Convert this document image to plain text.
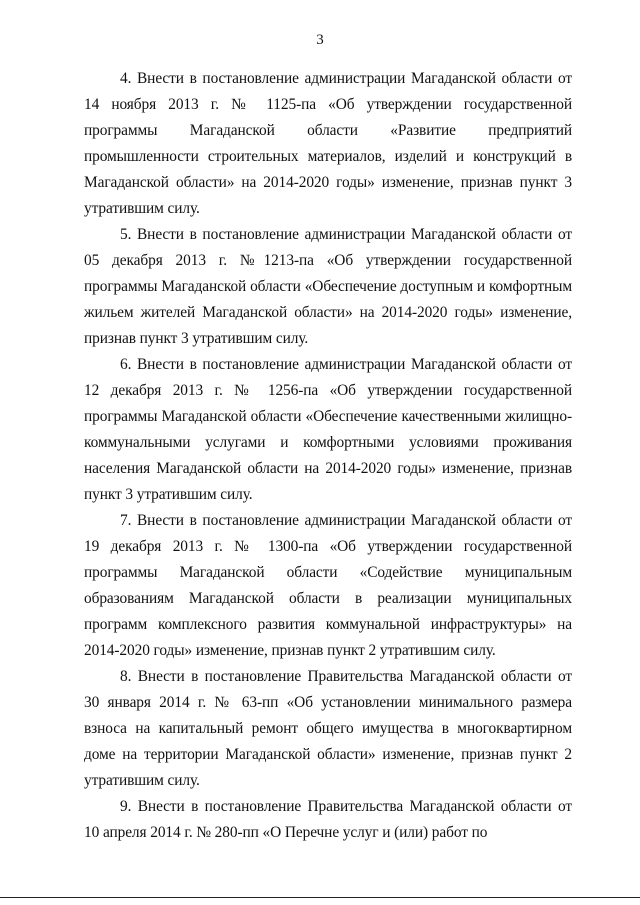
3

4. Внести в постановление администрации Магаданской области от 14 ноября 2013 г. № 1125-па «Об утверждении государственной программы Магаданской области «Развитие предприятий промышленности строительных материалов, изделий и конструкций в Магаданской области» на 2014-2020 годы» изменение, признав пункт 3 утратившим силу.

5. Внести в постановление администрации Магаданской области от 05 декабря 2013 г. №1213-па «Об утверждении государственной программы Магаданской области «Обеспечение доступным и комфортным жильем жителей Магаданской области» на 2014-2020 годы» изменение, признав пункт 3 утратившим силу.

6. Внести в постановление администрации Магаданской области от 12 декабря 2013 г. № 1256-па «Об утверждении государственной программы Магаданской области «Обеспечение качественными жилищно-коммунальными услугами и комфортными условиями проживания населения Магаданской области на 2014-2020 годы» изменение, признав пункт 3 утратившим силу.

7. Внести в постановление администрации Магаданской области от 19 декабря 2013 г. № 1300-па «Об утверждении государственной программы Магаданской области «Содействие муниципальным образованиям Магаданской области в реализации муниципальных программ комплексного развития коммунальной инфраструктуры» на 2014-2020 годы» изменение, признав пункт 2 утратившим силу.

8. Внести в постановление Правительства Магаданской области от 30 января 2014 г. № 63-пп «Об установлении минимального размера взноса на капитальный ремонт общего имущества в многоквартирном доме на территории Магаданской области» изменение, признав пункт 2 утратившим силу.

9. Внести в постановление Правительства Магаданской области от 10 апреля 2014 г. № 280-пп «О Перечне услуг и (или) работ по
